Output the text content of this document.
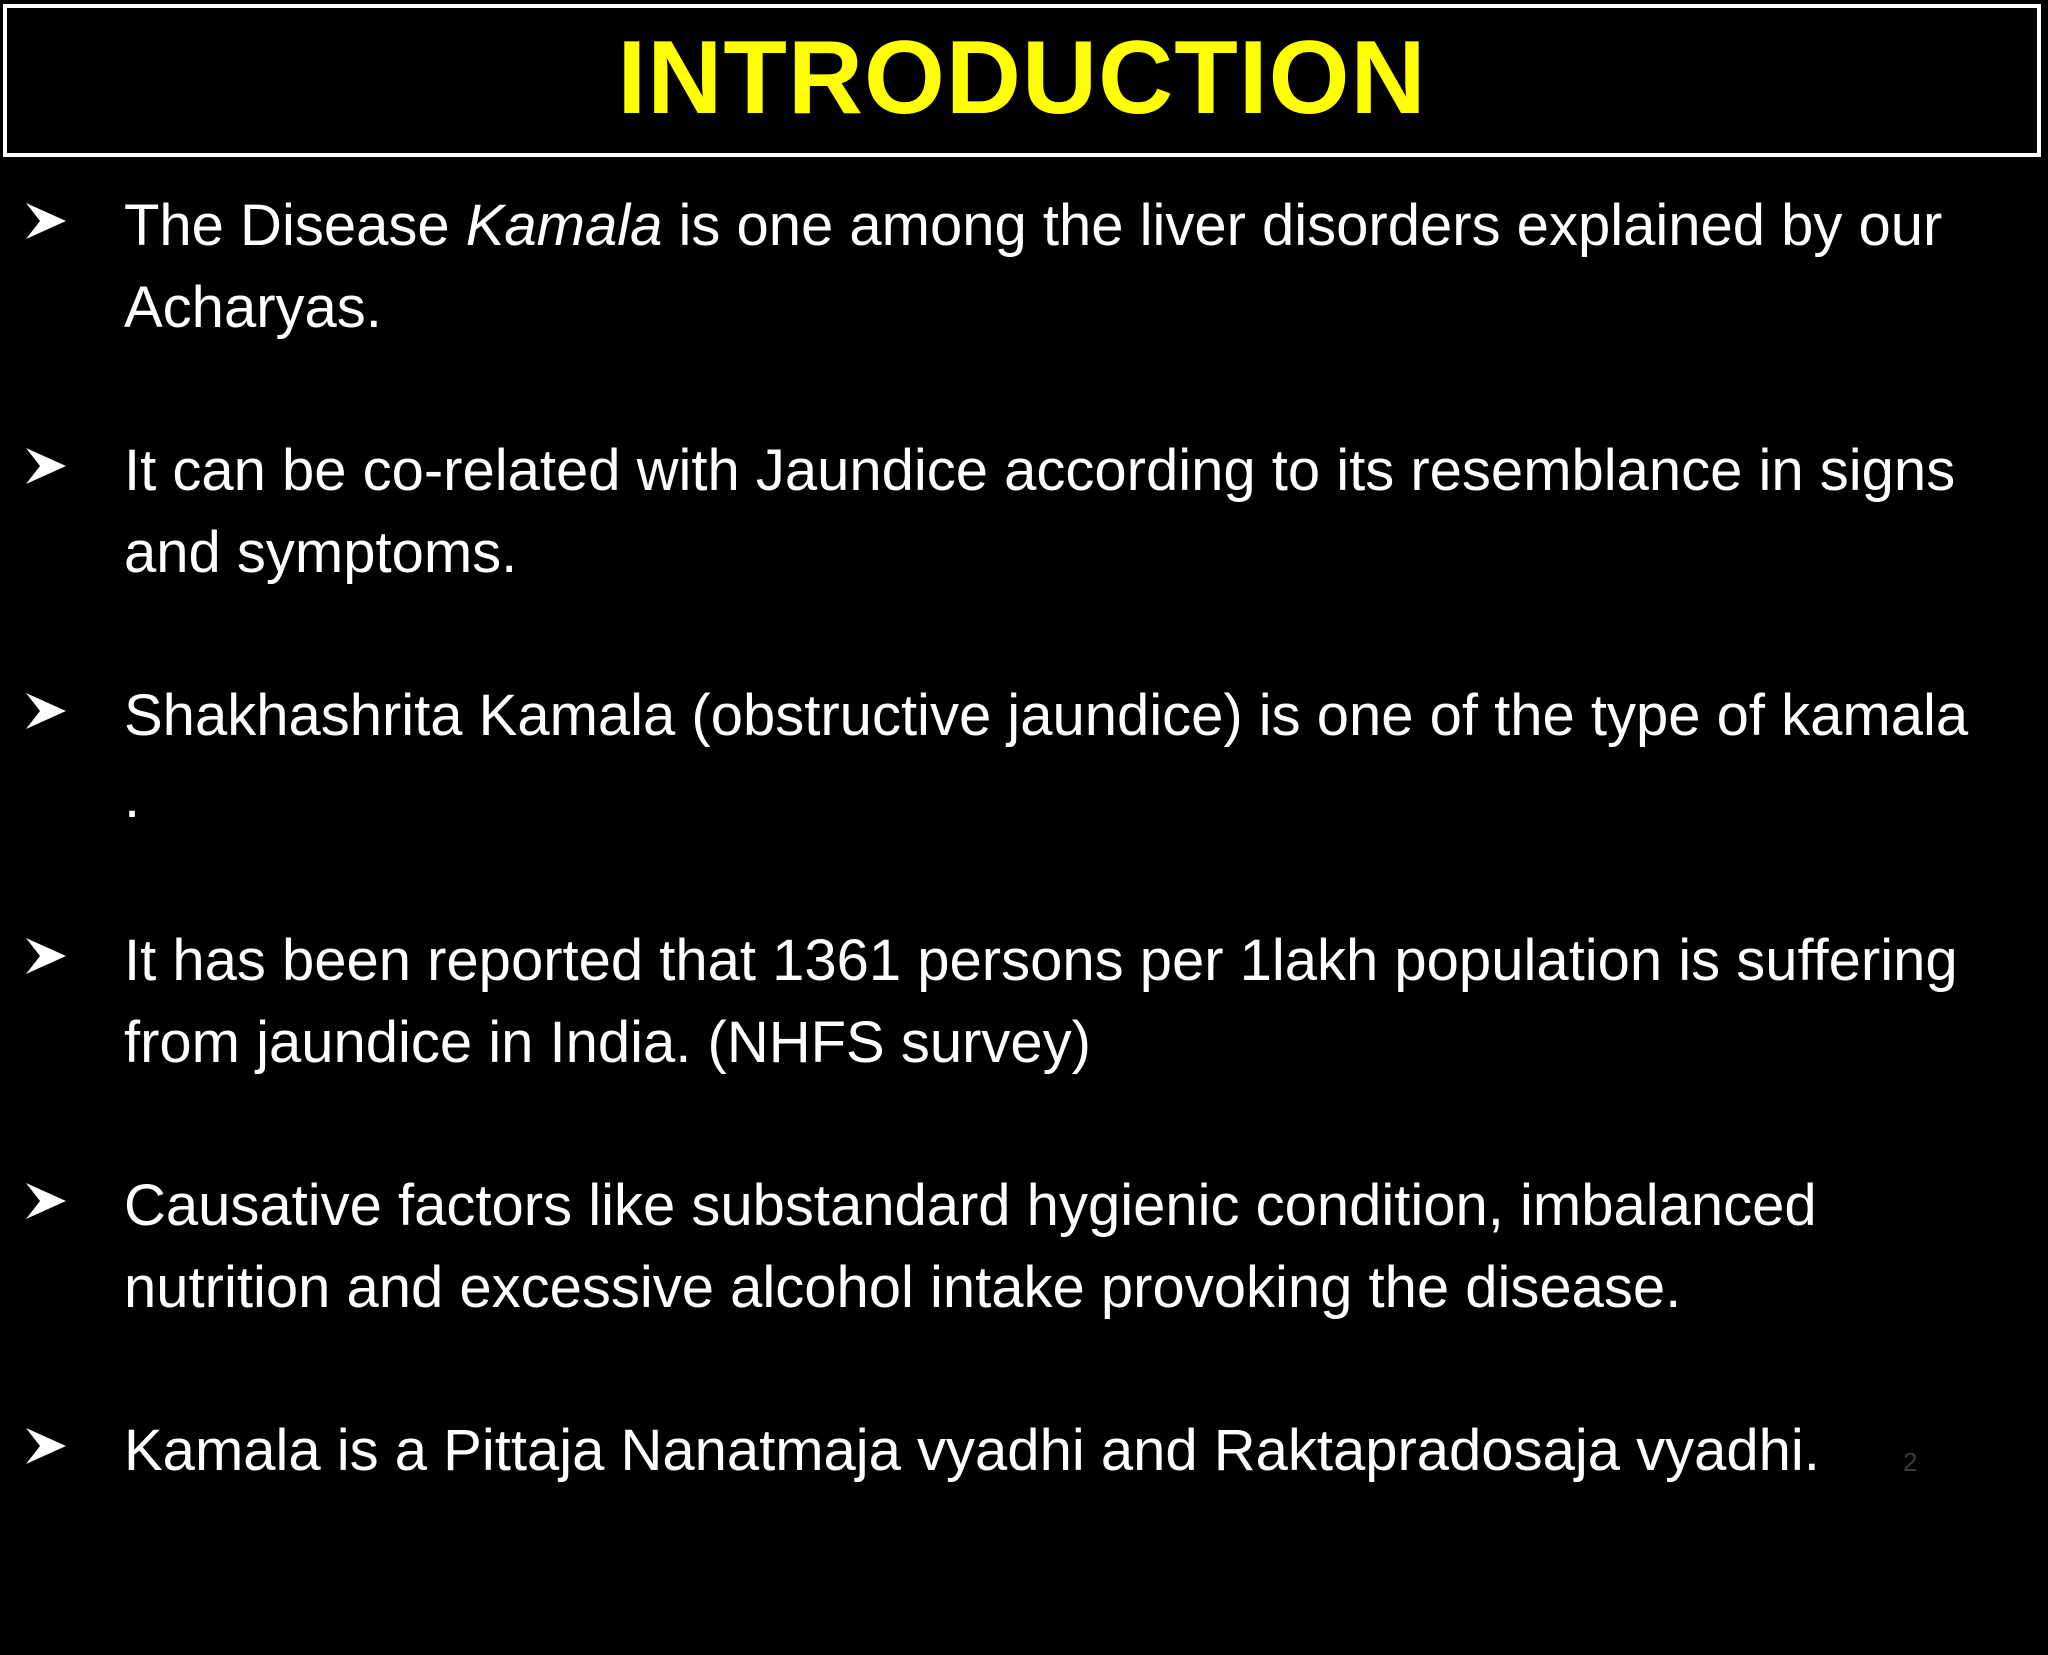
INTRODUCTION

The Disease Kamala is one among the liver disorders explained by our Acharyas.

It can be co-related with Jaundice according to its resemblance in signs and symptoms.

Shakhashrita Kamala (obstructive jaundice) is one of the type of kamala .

It has been reported that 1361 persons per 1lakh population is suffering from jaundice in India. (NHFS survey)

Causative factors like substandard hygienic condition, imbalanced nutrition and excessive alcohol intake provoking the disease.

Kamala is a Pittaja Nanatmaja vyadhi and Raktapradosaja vyadhi.	2
